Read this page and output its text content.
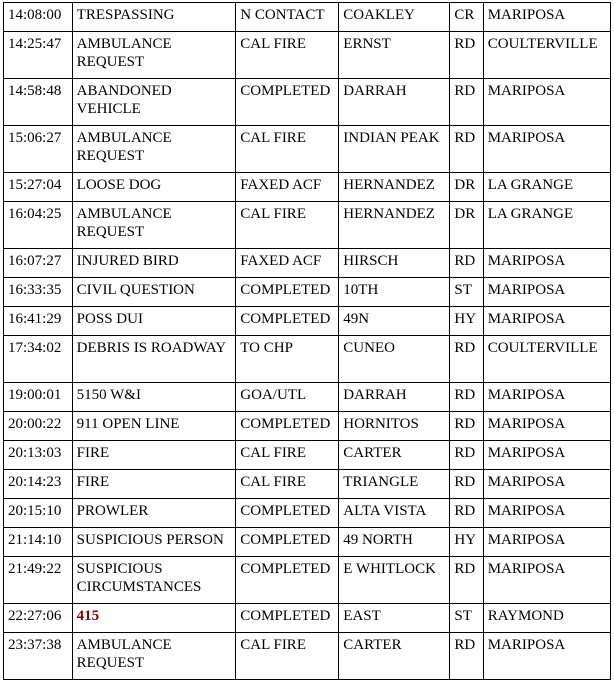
14:08:00	TRESPASSING	N CONTACT	COAKLEY	CR	MARIPOSA
14:25:47	AMBULANCE REQUEST	CAL FIRE	ERNST	RD	COULTERVILLE
14:58:48	ABANDONED VEHICLE	COMPLETED	DARRAH	RD	MARIPOSA
15:06:27	AMBULANCE REQUEST	CAL FIRE	INDIAN PEAK	RD	MARIPOSA
15:27:04	LOOSE DOG	FAXED ACF	HERNANDEZ	DR	LA GRANGE
16:04:25	AMBULANCE REQUEST	CAL FIRE	HERNANDEZ	DR	LA GRANGE
16:07:27	INJURED BIRD	FAXED ACF	HIRSCH	RD	MARIPOSA
16:33:35	CIVIL QUESTION	COMPLETED	10TH	ST	MARIPOSA
16:41:29	POSS DUI	COMPLETED	49N	HY	MARIPOSA
17:34:02	DEBRIS IS ROADWAY	TO CHP	CUNEO	RD	COULTERVILLE
19:00:01	5150 W&I	GOA/UTL	DARRAH	RD	MARIPOSA
20:00:22	911 OPEN LINE	COMPLETED	HORNITOS	RD	MARIPOSA
20:13:03	FIRE	CAL FIRE	CARTER	RD	MARIPOSA
20:14:23	FIRE	CAL FIRE	TRIANGLE	RD	MARIPOSA
20:15:10	PROWLER	COMPLETED	ALTA VISTA	RD	MARIPOSA
21:14:10	SUSPICIOUS PERSON	COMPLETED	49 NORTH	HY	MARIPOSA
21:49:22	SUSPICIOUS CIRCUMSTANCES	COMPLETED	E WHITLOCK	RD	MARIPOSA
22:27:06	415	COMPLETED	EAST	ST	RAYMOND
23:37:38	AMBULANCE REQUEST	CAL FIRE	CARTER	RD	MARIPOSA
